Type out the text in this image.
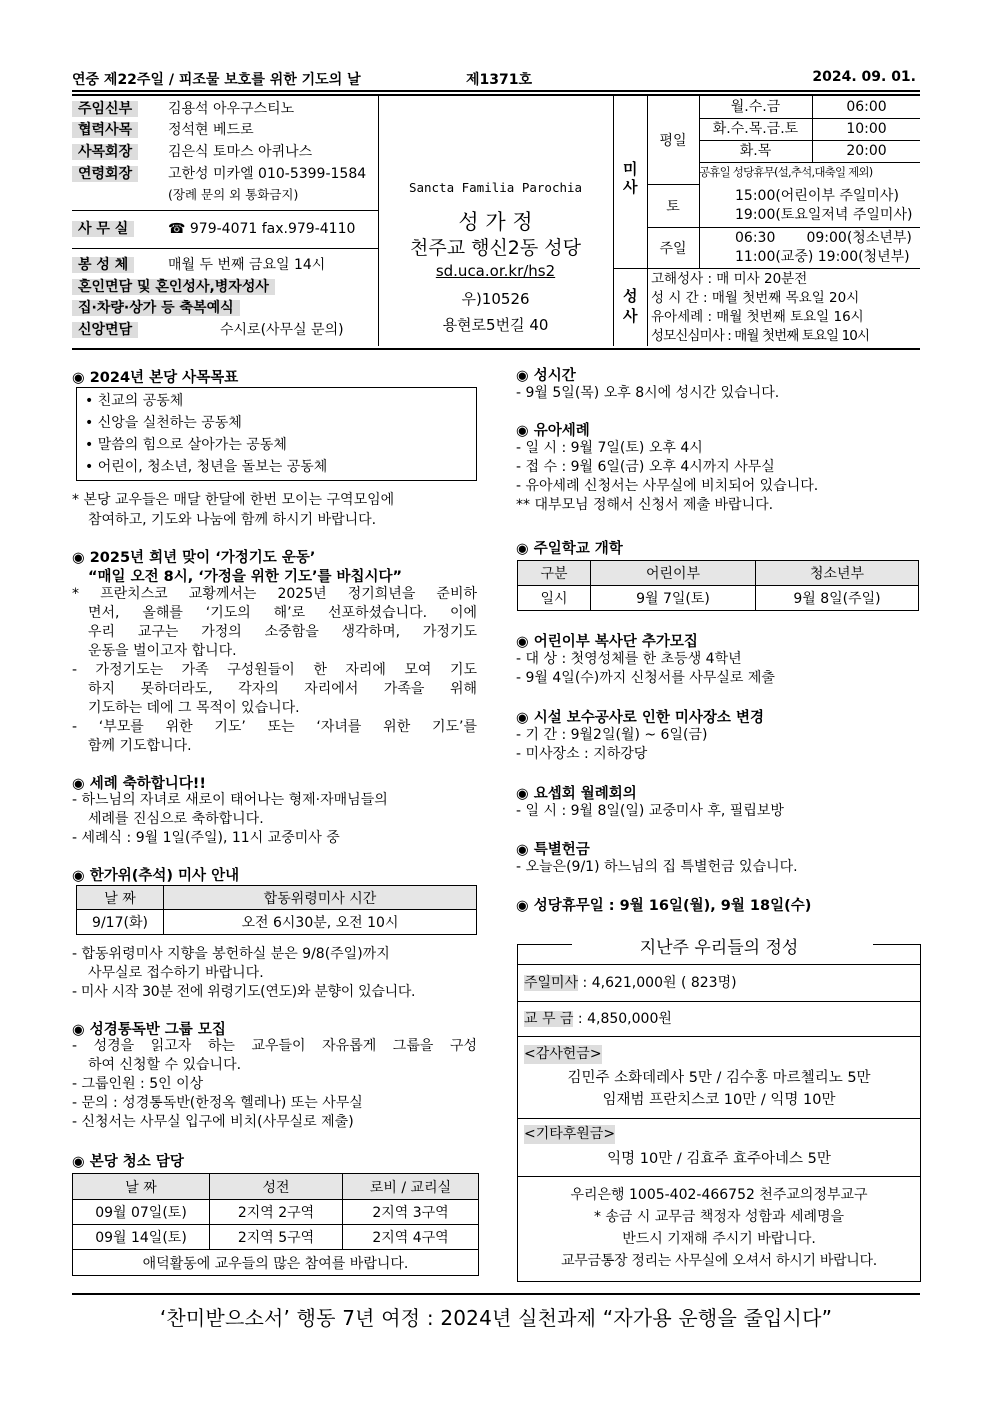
연중 제22주일 / 피조물 보호를 위한 기도의 날	제1371호	2024. 09. 01.
주임신부	김용석 아우구스티노
협력사목	정석현 베드로
사목회장	김은식 토마스 아퀴나스
연령회장	고한성 미카엘 010-5399-1584
(장례 문의 외 통화금지)
사 무 실	☎ 979-4071 fax.979-4110
봉 성 체	매월 두 번째 금요일 14시
혼인면담 및 혼인성사,병자성사
집·차량·상가 등 축복예식
신앙면담	수시로(사무실 문의)
Sancta Familia Parochia
성 가 정
천주교 행신2동 성당
sd.uca.or.kr/hs2
우)10526
용현로5번길 40
미사
평일
월.수.금	06:00
화.수.목.금.토	10:00
화.목	20:00
공휴일 성당휴무(설,추석,대축일 제외)
토
15:00(어린이부 주일미사)
19:00(토요일저녁 주일미사)
주일
06:30       09:00(청소년부)
11:00(교중) 19:00(청년부)
성사
고해성사 : 매 미사 20분전
성 시 간 : 매월 첫번째 목요일 20시
유아세례 : 매월 첫번째 토요일 16시
성모신심미사 : 매월 첫번째 토요일 10시
◉ 2024년 본당 사목목표
• 친교의 공동체
• 신앙을 실천하는 공동체
• 말씀의 힘으로 살아가는 공동체
• 어린이, 청소년, 청년을 돌보는 공동체
* 본당 교우들은 매달 한달에 한번 모이는 구역모임에
참여하고, 기도와 나눔에 함께 하시기 바랍니다.
◉ 2025년 희년 맞이 ‘가정기도 운동’
“매일 오전 8시, ‘가정을 위한 기도’를 바칩시다”
* 프란치스코 교황께서는 2025년 정기희년을 준비하
면서, 올해를 ‘기도의 해’로 선포하셨습니다. 이에
우리 교구는 가정의 소중함을 생각하며, 가정기도
운동을 벌이고자 합니다.
- 가정기도는 가족 구성원들이 한 자리에 모여 기도
하지 못하더라도, 각자의 자리에서 가족을 위해
기도하는 데에 그 목적이 있습니다.
- ‘부모를 위한 기도’ 또는 ‘자녀를 위한 기도’를
함께 기도합니다.
◉ 세례 축하합니다!!
- 하느님의 자녀로 새로이 태어나는 형제·자매님들의
세례를 진심으로 축하합니다.
- 세례식 : 9월 1일(주일), 11시 교중미사 중
◉ 한가위(추석) 미사 안내
날 짜	합동위령미사 시간
9/17(화)	오전 6시30분, 오전 10시
- 합동위령미사 지향을 봉헌하실 분은 9/8(주일)까지
사무실로 접수하기 바랍니다.
- 미사 시작 30분 전에 위령기도(연도)와 분향이 있습니다.
◉ 성경통독반 그룹 모집
- 성경을 읽고자 하는 교우들이 자유롭게 그룹을 구성
하여 신청할 수 있습니다.
- 그룹인원 : 5인 이상
- 문의 : 성경통독반(한정옥 헬레나) 또는 사무실
- 신청서는 사무실 입구에 비치(사무실로 제출)
◉ 본당 청소 담당
날 짜	성전	로비 / 교리실
09월 07일(토)	2지역 2구역	2지역 3구역
09월 14일(토)	2지역 5구역	2지역 4구역
애덕활동에 교우들의 많은 참여를 바랍니다.		
◉ 성시간
- 9월 5일(목) 오후 8시에 성시간 있습니다.
◉ 유아세례
- 일 시 : 9월 7일(토) 오후 4시
- 접 수 : 9월 6일(금) 오후 4시까지 사무실
- 유아세례 신청서는 사무실에 비치되어 있습니다.
** 대부모님 정해서 신청서 제출 바랍니다.
◉ 주일학교 개학
구분	어린이부	청소년부
일시	9월 7일(토)	9월 8일(주일)
◉ 어린이부 복사단 추가모집
- 대 상 : 첫영성체를 한 초등생 4학년
- 9월 4일(수)까지 신청서를 사무실로 제출
◉ 시설 보수공사로 인한 미사장소 변경
- 기 간 : 9월2일(월) ~ 6일(금)
- 미사장소 : 지하강당
◉ 요셉회 월례회의
- 일 시 : 9월 8일(일) 교중미사 후, 필립보방
◉ 특별헌금
- 오늘은(9/1) 하느님의 집 특별헌금 있습니다.
◉ 성당휴무일 : 9월 16일(월), 9월 18일(수)
지난주 우리들의 정성
주일미사 : 4,621,000원 ( 823명)
교 무 금 : 4,850,000원
<감사헌금>
김민주 소화데레사 5만 / 김수홍 마르첼리노 5만
임재범 프란치스코 10만 / 익명 10만
<기타후원금>
익명 10만 / 김효주 효주아네스 5만
우리은행 1005-402-466752 천주교의정부교구
* 송금 시 교무금 책정자 성함과 세례명을
반드시 기재해 주시기 바랍니다.
교무금통장 정리는 사무실에 오셔서 하시기 바랍니다.
‘찬미받으소서’ 행동 7년 여정 : 2024년 실천과제 “자가용 운행을 줄입시다”
